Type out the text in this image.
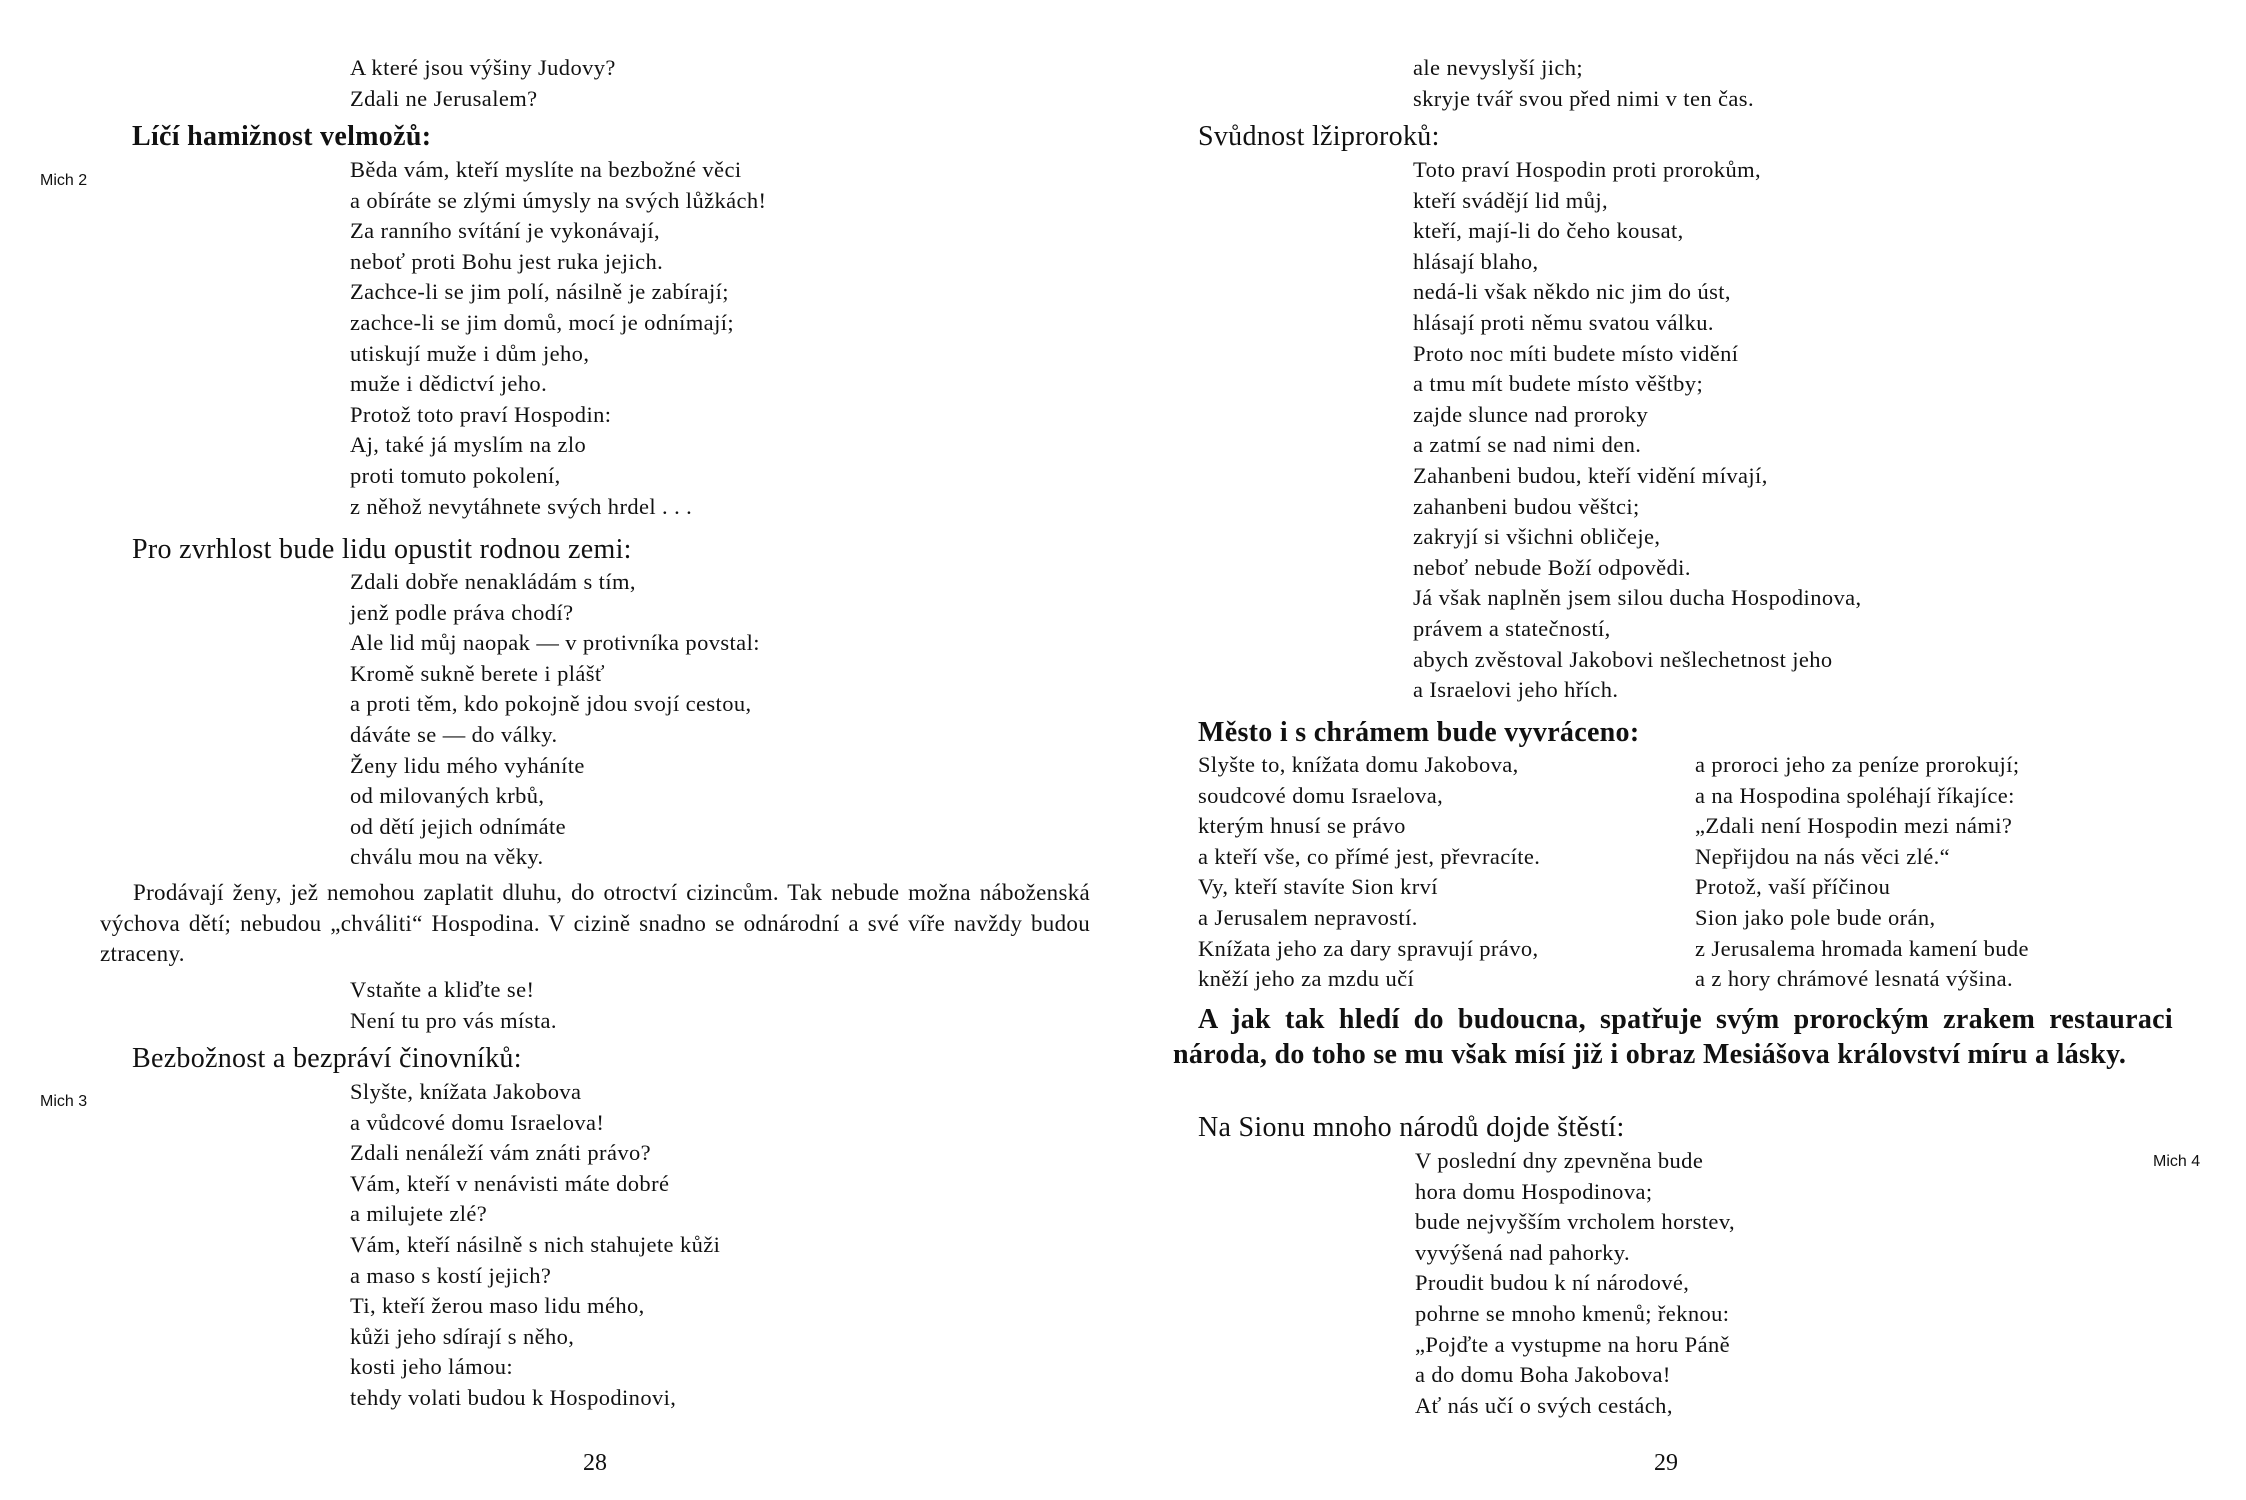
A které jsou výšiny Judovy?
Zdali ne Jerusalem?
Líčí hamižnost velmožů:
Mich 2	Běda vám, kteří myslíte na bezbožné věci
a obíráte se zlými úmysly na svých lůžkách!
Za ranního svítání je vykonávají,
neboť proti Bohu jest ruka jejich.
Zachce-li se jim polí, násilně je zabírají;
zachce-li se jim domů, mocí je odnímají;
utiskují muže i dům jeho,
muže i dědictví jeho.
Protož toto praví Hospodin:
Aj, také já myslím na zlo
proti tomuto pokolení,
z něhož nevytáhnete svých hrdel . . .
Pro zvrhlost bude lidu opustit rodnou zemi:
Zdali dobře nenakládám s tím,
jenž podle práva chodí?
Ale lid můj naopak — v protivníka povstal:
Kromě sukně berete i plášť
a proti těm, kdo pokojně jdou svojí cestou,
dáváte se — do války.
Ženy lidu mého vyháníte
od milovaných krbů,
od dětí jejich odnímáte
chválu mou na věky.
Prodávají ženy, jež nemohou zaplatit dluhu, do otroctví cizincům. Tak nebude možna náboženská výchova dětí; nebudou „chváliti“ Hospodina. V cizině snadno se odnárodní a své víře navždy budou ztraceny.
Vstaňte a kliďte se!
Není tu pro vás místa.
Bezbožnost a bezpráví činovníků:
Mich 3	Slyšte, knížata Jakobova
a vůdcové domu Israelova!
Zdali nenáleží vám znáti právo?
Vám, kteří v nenávisti máte dobré
a milujete zlé?
Vám, kteří násilně s nich stahujete kůži
a maso s kostí jejich?
Ti, kteří žerou maso lidu mého,
kůži jeho sdírají s něho,
kosti jeho lámou:
tehdy volati budou k Hospodinovi,
28
ale nevyslyší jich;
skryje tvář svou před nimi v ten čas.
Svůdnost lžiproroků:
Toto praví Hospodin proti prorokům,
kteří svádějí lid můj,
kteří, mají-li do čeho kousat,
hlásají blaho,
nedá-li však někdo nic jim do úst,
hlásají proti němu svatou válku.
Proto noc míti budete místo vidění
a tmu mít budete místo věštby;
zajde slunce nad proroky
a zatmí se nad nimi den.
Zahanbeni budou, kteří vidění mívají,
zahanbeni budou věštci;
zakryjí si všichni obličeje,
neboť nebude Boží odpovědi.
Já však naplněn jsem silou ducha Hospodinova,
právem a statečností,
abych zvěstoval Jakobovi nešlechetnost jeho
a Israelovi jeho hřích.
Město i s chrámem bude vyvráceno:
Slyšte to, knížata domu Jakobova,
soudcové domu Israelova,
kterým hnusí se právo
a kteří vše, co přímé jest, převracíte.
Vy, kteří stavíte Sion krví
a Jerusalem nepravostí.
Knížata jeho za dary spravují právo,
kněží jeho za mzdu učí
a proroci jeho za peníze prorokují;
a na Hospodina spoléhají říkajíce:
„Zdali není Hospodin mezi námi?
Nepřijdou na nás věci zlé.“
Protož, vaší příčinou
Sion jako pole bude orán,
z Jerusalema hromada kamení bude
a z hory chrámové lesnatá výšina.
A jak tak hledí do budoucna, spatřuje svým prorockým zrakem restauraci národa, do toho se mu však mísí již i obraz Mesiášova království míru a lásky.
Na Sionu mnoho národů dojde štěstí:
Mich 4
V poslední dny zpevněna bude
hora domu Hospodinova;
bude nejvyšším vrcholem horstev,
vyvýšená nad pahorky.
Proudit budou k ní národové,
pohrne se mnoho kmenů; řeknou:
„Pojďte a vystupme na horu Páně
a do domu Boha Jakobova!
Ať nás učí o svých cestách,
29
